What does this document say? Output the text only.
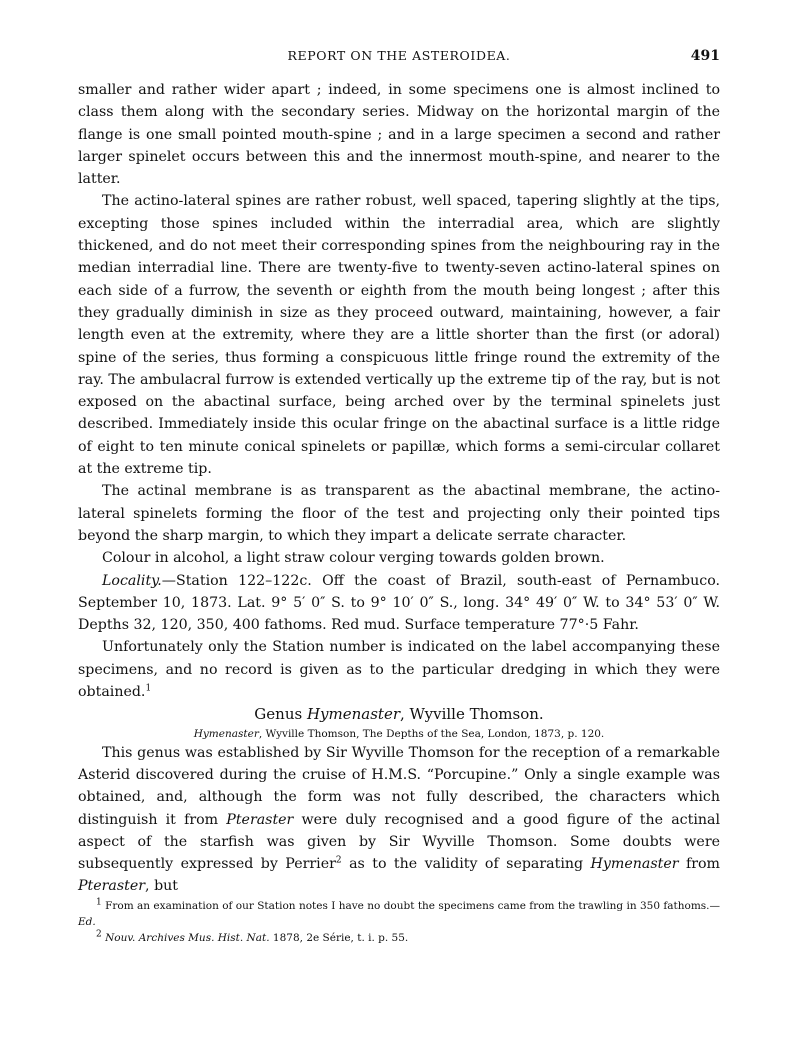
REPORT ON THE ASTEROIDEA.	491

smaller and rather wider apart ; indeed, in some specimens one is almost inclined to class them along with the secondary series. Midway on the horizontal margin of the flange is one small pointed mouth-spine ; and in a large specimen a second and rather larger spinelet occurs between this and the innermost mouth-spine, and nearer to the latter.

The actino-lateral spines are rather robust, well spaced, tapering slightly at the tips, excepting those spines included within the interradial area, which are slightly thickened, and do not meet their corresponding spines from the neighbouring ray in the median interradial line. There are twenty-five to twenty-seven actino-lateral spines on each side of a furrow, the seventh or eighth from the mouth being longest ; after this they gradually diminish in size as they proceed outward, maintaining, however, a fair length even at the extremity, where they are a little shorter than the first (or adoral) spine of the series, thus forming a conspicuous little fringe round the extremity of the ray. The ambulacral furrow is extended vertically up the extreme tip of the ray, but is not exposed on the abactinal surface, being arched over by the terminal spinelets just described. Immediately inside this ocular fringe on the abactinal surface is a little ridge of eight to ten minute conical spinelets or papillæ, which forms a semi-circular collaret at the extreme tip.

The actinal membrane is as transparent as the abactinal membrane, the actino-lateral spinelets forming the floor of the test and projecting only their pointed tips beyond the sharp margin, to which they impart a delicate serrate character.

Colour in alcohol, a light straw colour verging towards golden brown.

Locality.—Station 122–122c. Off the coast of Brazil, south-east of Pernambuco. September 10, 1873. Lat. 9° 5′ 0″ S. to 9° 10′ 0″ S., long. 34° 49′ 0″ W. to 34° 53′ 0″ W. Depths 32, 120, 350, 400 fathoms. Red mud. Surface temperature 77°·5 Fahr.

Unfortunately only the Station number is indicated on the label accompanying these specimens, and no record is given as to the particular dredging in which they were obtained.$^1$

Genus Hymenaster, Wyville Thomson.

Hymenaster, Wyville Thomson, The Depths of the Sea, London, 1873, p. 120.

This genus was established by Sir Wyville Thomson for the reception of a remarkable Asterid discovered during the cruise of H.M.S. “Porcupine.” Only a single example was obtained, and, although the form was not fully described, the characters which distinguish it from Pteraster were duly recognised and a good figure of the actinal aspect of the starfish was given by Sir Wyville Thomson. Some doubts were subsequently expressed by Perrier$^2$ as to the validity of separating Hymenaster from Pteraster, but

$^1$ From an examination of our Station notes I have no doubt the specimens came from the trawling in 350 fathoms.—Ed.

$^2$ Nouv. Archives Mus. Hist. Nat. 1878, 2e Série, t. i. p. 55.
